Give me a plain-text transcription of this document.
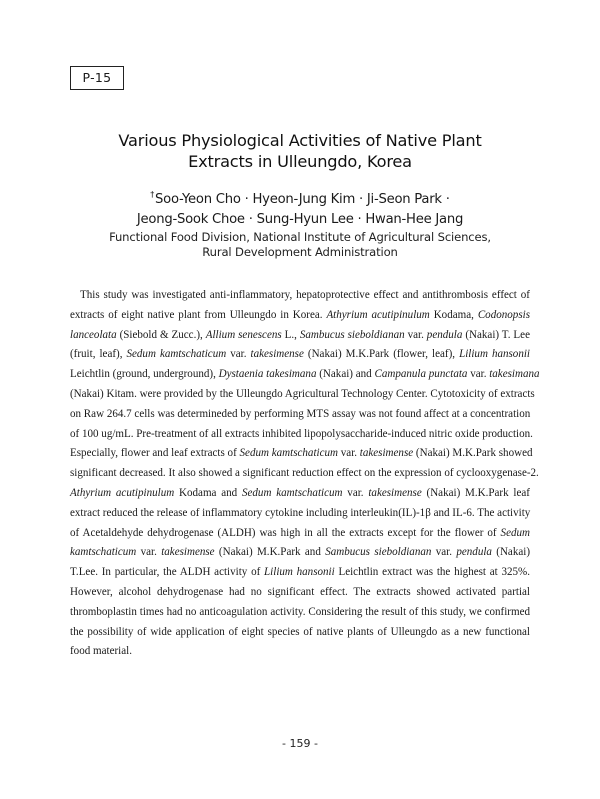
P-15
Various Physiological Activities of Native Plant
Extracts in Ulleungdo, Korea
†Soo-Yeon Cho · Hyeon-Jung Kim · Ji-Seon Park ·
Jeong-Sook Choe · Sung-Hyun Lee · Hwan-Hee Jang
Functional Food Division, National Institute of Agricultural Sciences,
Rural Development Administration
This study was investigated anti-inflammatory, hepatoprotective effect and antithrombosis effect of
extracts of eight native plant from Ulleungdo in Korea. Athyrium acutipinulum Kodama, Codonopsis
lanceolata (Siebold & Zucc.), Allium senescens L., Sambucus sieboldianan var. pendula (Nakai) T. Lee
(fruit, leaf), Sedum kamtschaticum var. takesimense (Nakai) M.K.Park (flower, leaf), Lilium hansonii
Leichtlin (ground, underground), Dystaenia takesimana (Nakai) and Campanula punctata var. takesimana
(Nakai) Kitam. were provided by the Ulleungdo Agricultural Technology Center. Cytotoxicity of extracts
on Raw 264.7 cells was determineded by performing MTS assay was not found affect at a concentration
of 100 ug/mL. Pre-treatment of all extracts inhibited lipopolysaccharide-induced nitric oxide production.
Especially, flower and leaf extracts of Sedum kamtschaticum var. takesimense (Nakai) M.K.Park showed
significant decreased. It also showed a significant reduction effect on the expression of cyclooxygenase-2.
Athyrium acutipinulum Kodama and Sedum kamtschaticum var. takesimense (Nakai) M.K.Park leaf
extract reduced the release of inflammatory cytokine including interleukin(IL)-1β and IL-6. The activity
of Acetaldehyde dehydrogenase (ALDH) was high in all the extracts except for the flower of Sedum
kamtschaticum var. takesimense (Nakai) M.K.Park and Sambucus sieboldianan var. pendula (Nakai)
T.Lee. In particular, the ALDH activity of Lilium hansonii Leichtlin extract was the highest at 325%.
However, alcohol dehydrogenase had no significant effect. The extracts showed activated partial
thromboplastin times had no anticoagulation activity. Considering the result of this study, we confirmed
the possibility of wide application of eight species of native plants of Ulleungdo as a new functional
food material.
- 159 -
